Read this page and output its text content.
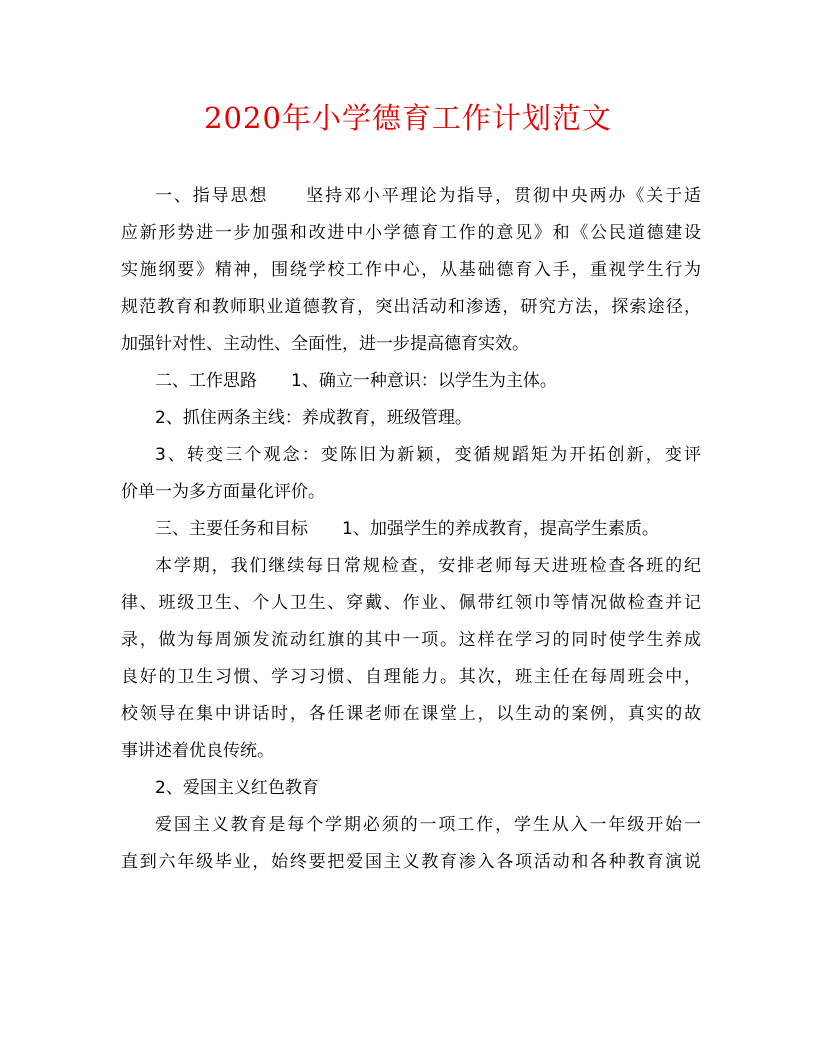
2020年小学德育工作计划范文
一、指导思想　　坚持邓小平理论为指导，贯彻中央两办《关于适
应新形势进一步加强和改进中小学德育工作的意见》和《公民道德建设
实施纲要》精神，围绕学校工作中心，从基础德育入手，重视学生行为
规范教育和教师职业道德教育，突出活动和渗透，研究方法，探索途径，
加强针对性、主动性、全面性，进一步提高德育实效。
二、工作思路　　1、确立一种意识：以学生为主体。
2、抓住两条主线：养成教育，班级管理。
3、转变三个观念：变陈旧为新颖，变循规蹈矩为开拓创新，变评
价单一为多方面量化评价。
三、主要任务和目标　　1、加强学生的养成教育，提高学生素质。
本学期，我们继续每日常规检查，安排老师每天进班检查各班的纪
律、班级卫生、个人卫生、穿戴、作业、佩带红领巾等情况做检查并记
录，做为每周颁发流动红旗的其中一项。这样在学习的同时使学生养成
良好的卫生习惯、学习习惯、自理能力。其次，班主任在每周班会中，
校领导在集中讲话时，各任课老师在课堂上，以生动的案例，真实的故
事讲述着优良传统。
2、爱国主义红色教育
爱国主义教育是每个学期必须的一项工作，学生从入一年级开始一
直到六年级毕业，始终要把爱国主义教育渗入各项活动和各种教育演说
